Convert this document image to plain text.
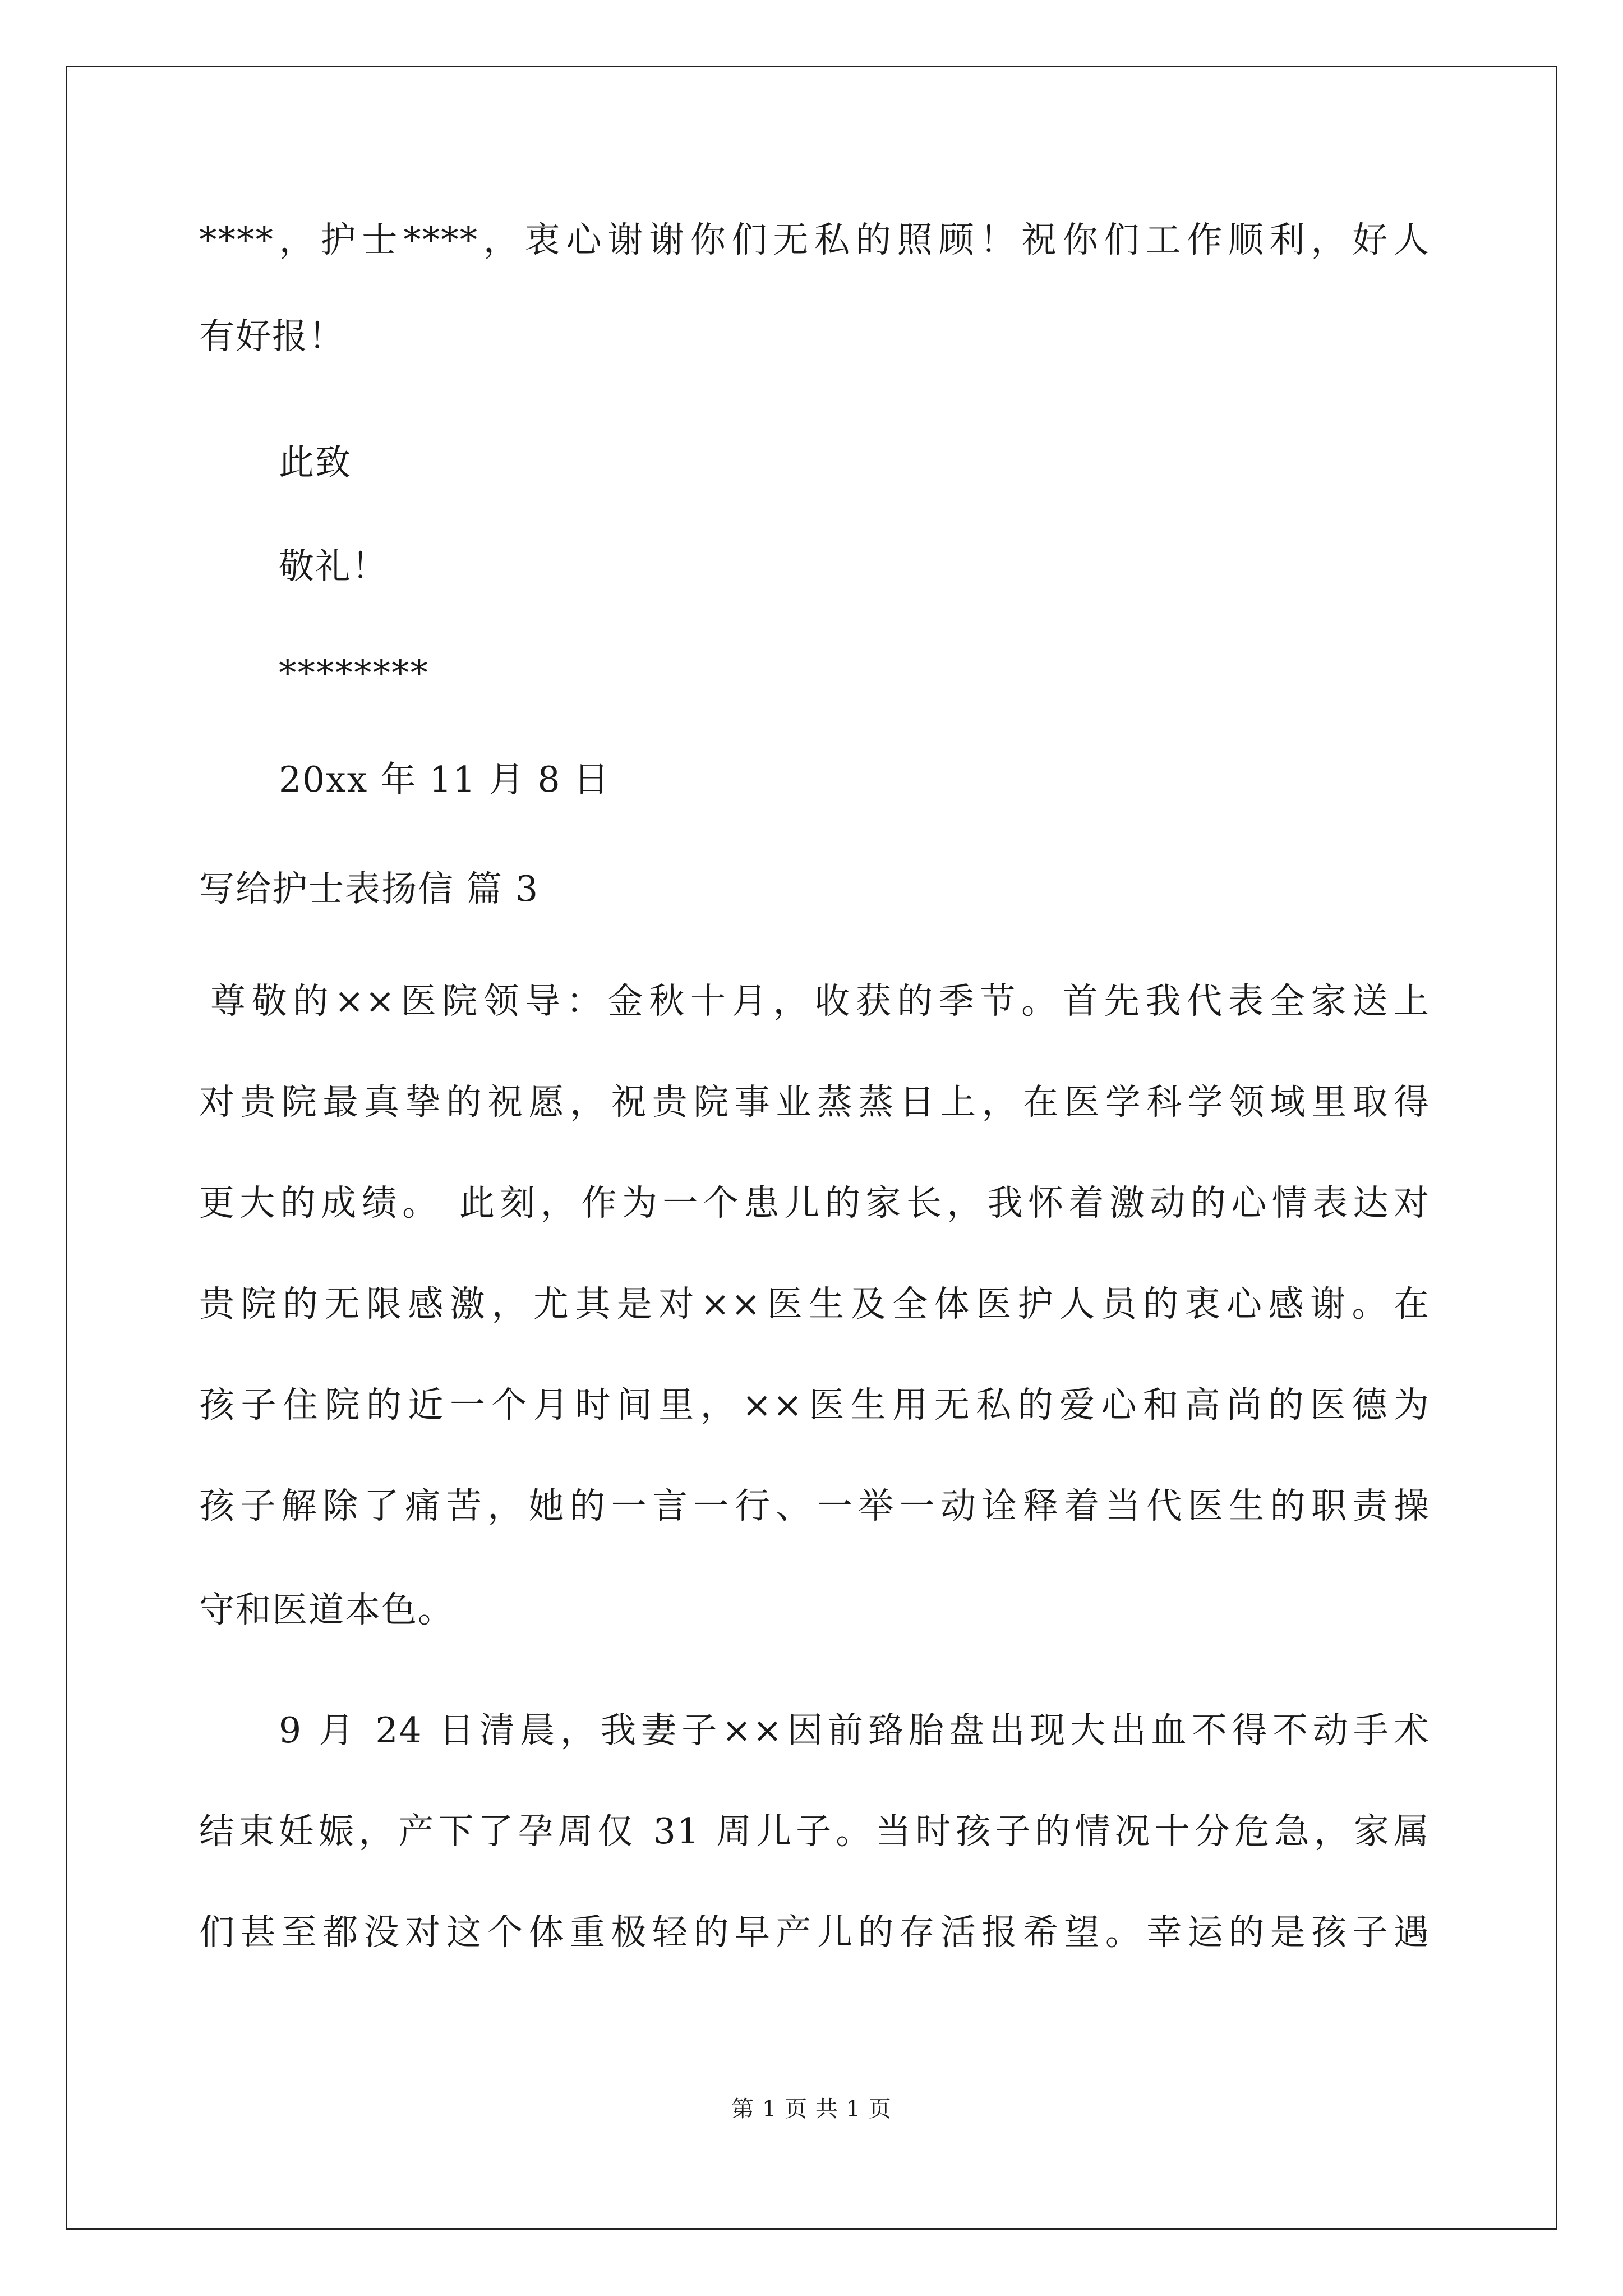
****，护士****，衷心谢谢你们无私的照顾！祝你们工作顺利，好人
有好报！
此致
敬礼！
********
20xx 年 11 月 8 日
写给护士表扬信 篇 3
尊敬的××医院领导：金秋十月，收获的季节。首先我代表全家送上
对贵院最真挚的祝愿，祝贵院事业蒸蒸日上，在医学科学领域里取得
更大的成绩。 此刻，作为一个患儿的家长，我怀着激动的心情表达对
贵院的无限感激，尤其是对××医生及全体医护人员的衷心感谢。在
孩子住院的近一个月时间里，××医生用无私的爱心和高尚的医德为
孩子解除了痛苦，她的一言一行、一举一动诠释着当代医生的职责操
守和医道本色。
9 月 24 日清晨，我妻子××因前臵胎盘出现大出血不得不动手术
结束妊娠，产下了孕周仅 31 周儿子。当时孩子的情况十分危急，家属
们甚至都没对这个体重极轻的早产儿的存活报希望。幸运的是孩子遇
第 1 页 共 1 页
